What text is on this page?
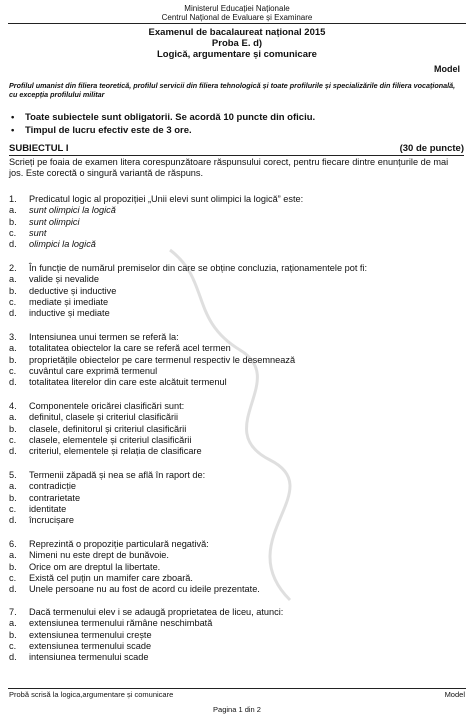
Ministerul Educației Naționale
Centrul Național de Evaluare și Examinare
Examenul de bacalaureat național 2015
Proba E. d)
Logică, argumentare și comunicare
Model
Profilul umanist din filiera teoretică, profilul servicii din filiera tehnologică și toate profilurile și specializările din filiera vocațională, cu excepția profilului militar
• Toate subiectele sunt obligatorii. Se acordă 10 puncte din oficiu.
• Timpul de lucru efectiv este de 3 ore.
SUBIECTUL I	(30 de puncte)
Scrieți pe foaia de examen litera corespunzătoare răspunsului corect, pentru fiecare dintre enunțurile de mai jos. Este corectă o singură variantă de răspuns.
1. Predicatul logic al propoziției „Unii elevi sunt olimpici la logică” este:
a. sunt olimpici la logică
b. sunt olimpici
c. sunt
d. olimpici la logică
2. În funcție de numărul premiselor din care se obține concluzia, raționamentele pot fi:
a. valide și nevalide
b. deductive și inductive
c. mediate și imediate
d. inductive și mediate
3. Intensiunea unui termen se referă la:
a. totalitatea obiectelor la care se referă acel termen
b. proprietățile obiectelor pe care termenul respectiv le desemnează
c. cuvântul care exprimă termenul
d. totalitatea literelor din care este alcătuit termenul
4. Componentele oricărei clasificări sunt:
a. definitul, clasele și criteriul clasificării
b. clasele, definitorul și criteriul clasificării
c. clasele, elementele și criteriul clasificării
d. criteriul, elementele și relația de clasificare
5. Termenii zăpadă și nea se află în raport de:
a. contradicție
b. contrarietate
c. identitate
d. încrucișare
6. Reprezintă o propoziție particulară negativă:
a. Nimeni nu este drept de bunăvoie.
b. Orice om are dreptul la libertate.
c. Există cel puțin un mamifer care zboară.
d. Unele persoane nu au fost de acord cu ideile prezentate.
7. Dacă termenului elev i se adaugă proprietatea de liceu, atunci:
a. extensiunea termenului rămâne neschimbată
b. extensiunea termenului crește
c. extensiunea termenului scade
d. intensiunea termenului scade
Probă scrisă la logica,argumentare și comunicare	Model
Pagina 1 din 2
